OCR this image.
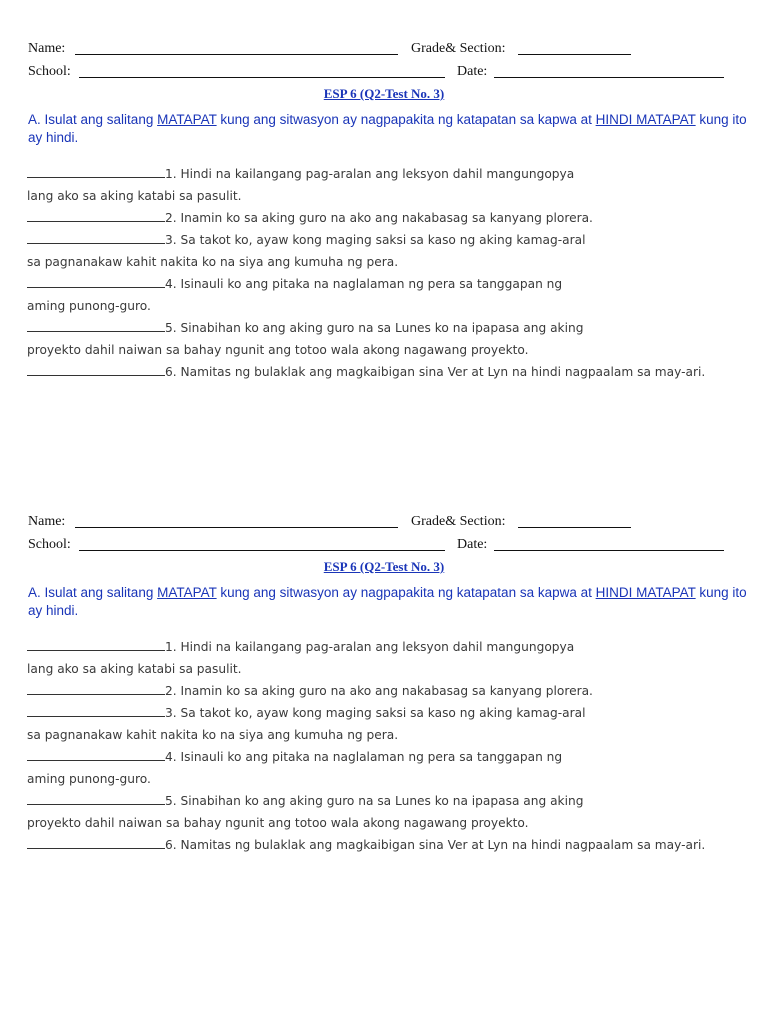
Name:	Grade& Section:
School:	Date:
ESP 6 (Q2-Test No. 3)
A. Isulat ang salitang MATAPAT kung ang sitwasyon ay nagpapakita ng katapatan sa kapwa at HINDI MATAPAT kung ito ay hindi.
1. Hindi na kailangang pag-aralan ang leksyon dahil mangungopya
lang ako sa aking katabi sa pasulit.
2. Inamin ko sa aking guro na ako ang nakabasag sa kanyang plorera.
3. Sa takot ko, ayaw kong maging saksi sa kaso ng aking kamag-aral
sa pagnanakaw kahit nakita ko na siya ang kumuha ng pera.
4. Isinauli ko ang pitaka na naglalaman ng pera sa tanggapan ng
aming punong-guro.
5. Sinabihan ko ang aking guro na sa Lunes ko na ipapasa ang aking
proyekto dahil naiwan sa bahay ngunit ang totoo wala akong nagawang proyekto.
6. Namitas ng bulaklak ang magkaibigan sina Ver at Lyn na hindi nagpaalam sa may-ari.
Name:	Grade& Section:
School:	Date:
ESP 6 (Q2-Test No. 3)
A. Isulat ang salitang MATAPAT kung ang sitwasyon ay nagpapakita ng katapatan sa kapwa at HINDI MATAPAT kung ito ay hindi.
1. Hindi na kailangang pag-aralan ang leksyon dahil mangungopya
lang ako sa aking katabi sa pasulit.
2. Inamin ko sa aking guro na ako ang nakabasag sa kanyang plorera.
3. Sa takot ko, ayaw kong maging saksi sa kaso ng aking kamag-aral
sa pagnanakaw kahit nakita ko na siya ang kumuha ng pera.
4. Isinauli ko ang pitaka na naglalaman ng pera sa tanggapan ng
aming punong-guro.
5. Sinabihan ko ang aking guro na sa Lunes ko na ipapasa ang aking
proyekto dahil naiwan sa bahay ngunit ang totoo wala akong nagawang proyekto.
6. Namitas ng bulaklak ang magkaibigan sina Ver at Lyn na hindi nagpaalam sa may-ari.
